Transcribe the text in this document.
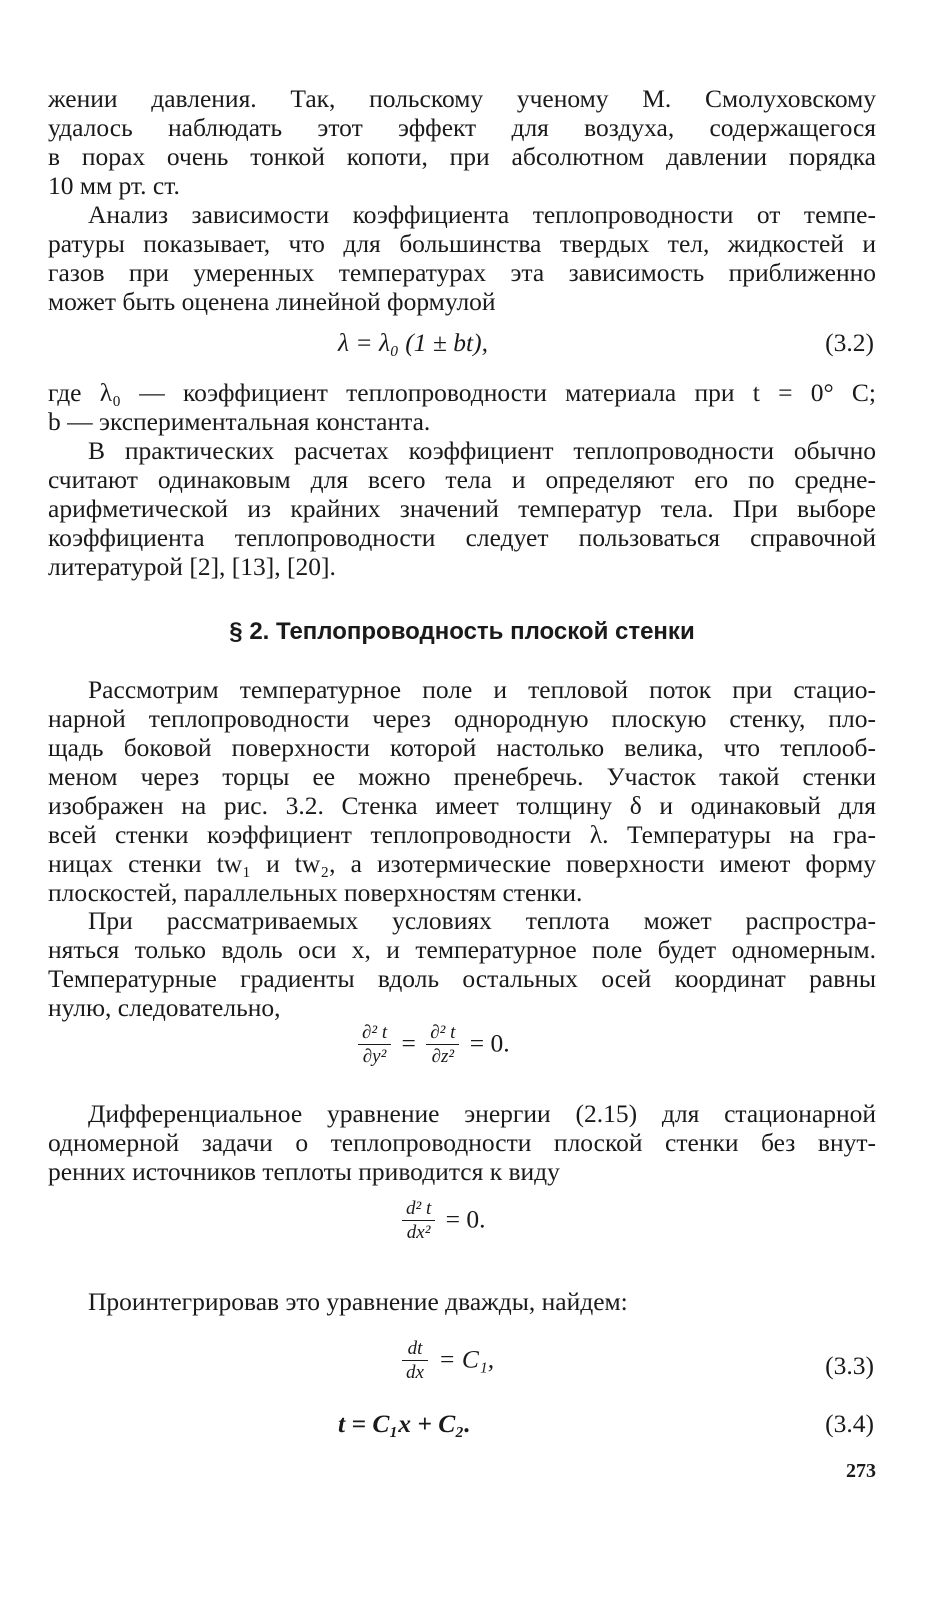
жении давления. Так, польскому ученому М. Смолуховскому
удалось наблюдать этот эффект для воздуха, содержащегося
в порах очень тонкой копоти, при абсолютном давлении порядка
10 мм рт. ст.
Анализ зависимости коэффициента теплопроводности от темпе-
ратуры показывает, что для большинства твердых тел, жидкостей и
газов при умеренных температурах эта зависимость приближенно
может быть оценена линейной формулой
λ = λ₀ (1 ± bt),	(3.2)
где λ₀ — коэффициент теплопроводности материала при t = 0° С;
b — экспериментальная константа.
В практических расчетах коэффициент теплопроводности обычно
считают одинаковым для всего тела и определяют его по средне-
арифметической из крайних значений температур тела. При выборе
коэффициента теплопроводности следует пользоваться справочной
литературой [2], [13], [20].
§ 2. Теплопроводность плоской стенки
Рассмотрим температурное поле и тепловой поток при стацио-
нарной теплопроводности через однородную плоскую стенку, пло-
щадь боковой поверхности которой настолько велика, что теплооб-
меном через торцы ее можно пренебречь. Участок такой стенки
изображен на рис. 3.2. Стенка имеет толщину δ и одинаковый для
всей стенки коэффициент теплопроводности λ. Температуры на гра-
ницах стенки tw₁ и tw₂, а изотермические поверхности имеют форму
плоскостей, параллельных поверхностям стенки.
При рассматриваемых условиях теплота может распростра-
няться только вдоль оси x, и температурное поле будет одномерным.
Температурные градиенты вдоль остальных осей координат равны
нулю, следовательно,
$\frac{\text{∂² t}}{\text{∂y²}} = \frac{\text{∂² t}}{\text{∂z²}} = 0$.
Дифференциальное уравнение энергии (2.15) для стационарной
одномерной задачи о теплопроводности плоской стенки без внут-
ренних источников теплоты приводится к виду
$\frac{\text{d² t}}{\text{dx²}} = 0$.
Проинтегрировав это уравнение дважды, найдем:
$\frac{dt}{dx} = C_1$,	(3.3)
t = C₁x + C₂.	(3.4)
273
